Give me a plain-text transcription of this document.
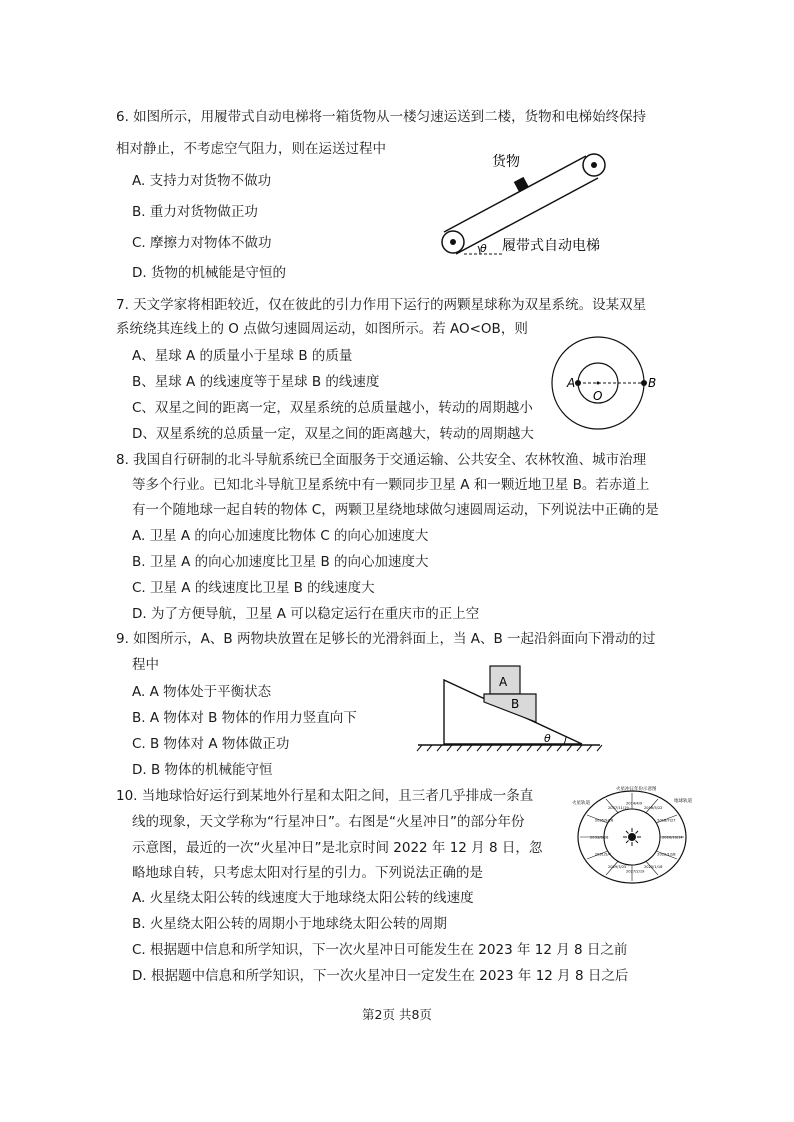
6. 如图所示，用履带式自动电梯将一箱货物从一楼匀速运送到二楼，货物和电梯始终保持
相对静止，不考虑空气阻力，则在运送过程中
A. 支持力对货物不做功
B. 重力对货物做正功
C. 摩擦力对物体不做功
D. 货物的机械能是守恒的
货物
θ 履带式自动电梯
7. 天文学家将相距较近，仅在彼此的引力作用下运行的两颗星球称为双星系统。设某双星
系统绕其连线上的 O 点做匀速圆周运动，如图所示。若 AO<OB，则
A、星球 A 的质量小于星球 B 的质量
B、星球 A 的线速度等于星球 B 的线速度
C、双星之间的距离一定，双星系统的总质量越小，转动的周期越小
D、双星系统的总质量一定，双星之间的距离越大，转动的周期越大
A	B
O
8. 我国自行研制的北斗导航系统已全面服务于交通运输、公共安全、农林牧渔、城市治理
等多个行业。已知北斗导航卫星系统中有一颗同步卫星 A 和一颗近地卫星 B。若赤道上
有一个随地球一起自转的物体 C，两颗卫星绕地球做匀速圆周运动，下列说法中正确的是
A. 卫星 A 的向心加速度比物体 C 的向心加速度大
B. 卫星 A 的向心加速度比卫星 B 的向心加速度大
C. 卫星 A 的线速度比卫星 B 的线速度大
D. 为了方便导航，卫星 A 可以稳定运行在重庆市的正上空
9. 如图所示，A、B 两物块放置在足够长的光滑斜面上，当 A、B 一起沿斜面向下滑动的过
程中
A. A 物体处于平衡状态
B. A 物体对 B 物体的作用力竖直向下
C. B 物体对 A 物体做正功
D. B 物体的机械能守恒
A
B
θ
10. 当地球恰好运行到某地外行星和太阳之间，且三者几乎排成一条直
线的现象，天文学称为“行星冲日”。右图是“火星冲日”的部分年份
示意图，最近的一次“火星冲日”是北京时间 2022 年 12 月 8 日，忽
略地球自转，只考虑太阳对行星的引力。下列说法正确的是
A. 火星绕太阳公转的线速度大于地球绕太阳公转的线速度
B. 火星绕太阳公转的周期小于地球绕太阳公转的周期
C. 根据题中信息和所学知识，下一次火星冲日可能发生在 2023 年 12 月 8 日之前
D. 根据题中信息和所学知识，下一次火星冲日一定发生在 2023 年 12 月 8 日之后
火星冲日年份示意图
火星轨道	地球轨道
2014/4/9
2016/5/22
2018/7/27
2020/10/14
2022/12/8
2025/1/16
2027/2/19
2029/3/25
2031/5/4
2033/6/28
2035/9/16
2037/11/19
第2页 共8页
